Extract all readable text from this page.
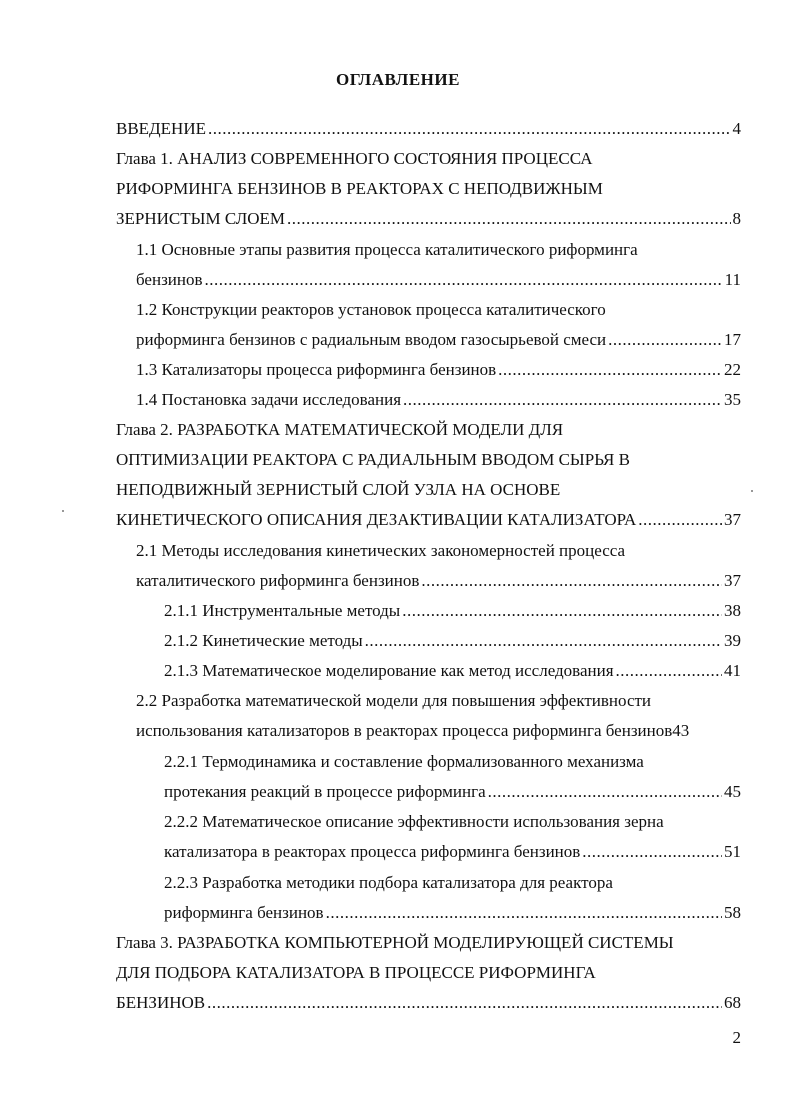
ОГЛАВЛЕНИЕ
ВВЕДЕНИЕ .....	4
Глава 1. АНАЛИЗ СОВРЕМЕННОГО СОСТОЯНИЯ ПРОЦЕССА
РИФОРМИНГА БЕНЗИНОВ В РЕАКТОРАХ С НЕПОДВИЖНЫМ
ЗЕРНИСТЫМ СЛОЕМ .....	8
1.1 Основные этапы развития процесса каталитического риформинга
бензинов .....	11
1.2 Конструкции реакторов установок процесса каталитического
риформинга бензинов с радиальным вводом газосырьевой смеси .....	17
1.3 Катализаторы процесса риформинга бензинов .....	22
1.4 Постановка задачи исследования .....	35
Глава 2. РАЗРАБОТКА МАТЕМАТИЧЕСКОЙ МОДЕЛИ ДЛЯ
ОПТИМИЗАЦИИ РЕАКТОРА С РАДИАЛЬНЫМ ВВОДОМ СЫРЬЯ В
НЕПОДВИЖНЫЙ ЗЕРНИСТЫЙ СЛОЙ УЗЛА НА ОСНОВЕ
КИНЕТИЧЕСКОГО ОПИСАНИЯ ДЕЗАКТИВАЦИИ КАТАЛИЗАТОРА .....	37
2.1 Методы исследования кинетических закономерностей процесса
каталитического риформинга бензинов .....	37
2.1.1 Инструментальные методы .....	38
2.1.2 Кинетические методы .....	39
2.1.3 Математическое моделирование как метод исследования .....	41
2.2 Разработка математической модели для повышения эффективности
использования катализаторов в реакторах процесса риформинга бензинов 43
2.2.1 Термодинамика и составление формализованного механизма
протекания реакций в процессе риформинга .....	45
2.2.2 Математическое описание эффективности использования зерна
катализатора в реакторах процесса риформинга бензинов .....	51
2.2.3 Разработка методики подбора катализатора для реактора
риформинга бензинов .....	58
Глава 3. РАЗРАБОТКА КОМПЬЮТЕРНОЙ МОДЕЛИРУЮЩЕЙ СИСТЕМЫ
ДЛЯ ПОДБОРА КАТАЛИЗАТОРА В ПРОЦЕССЕ РИФОРМИНГА
БЕНЗИНОВ .....	68
2
